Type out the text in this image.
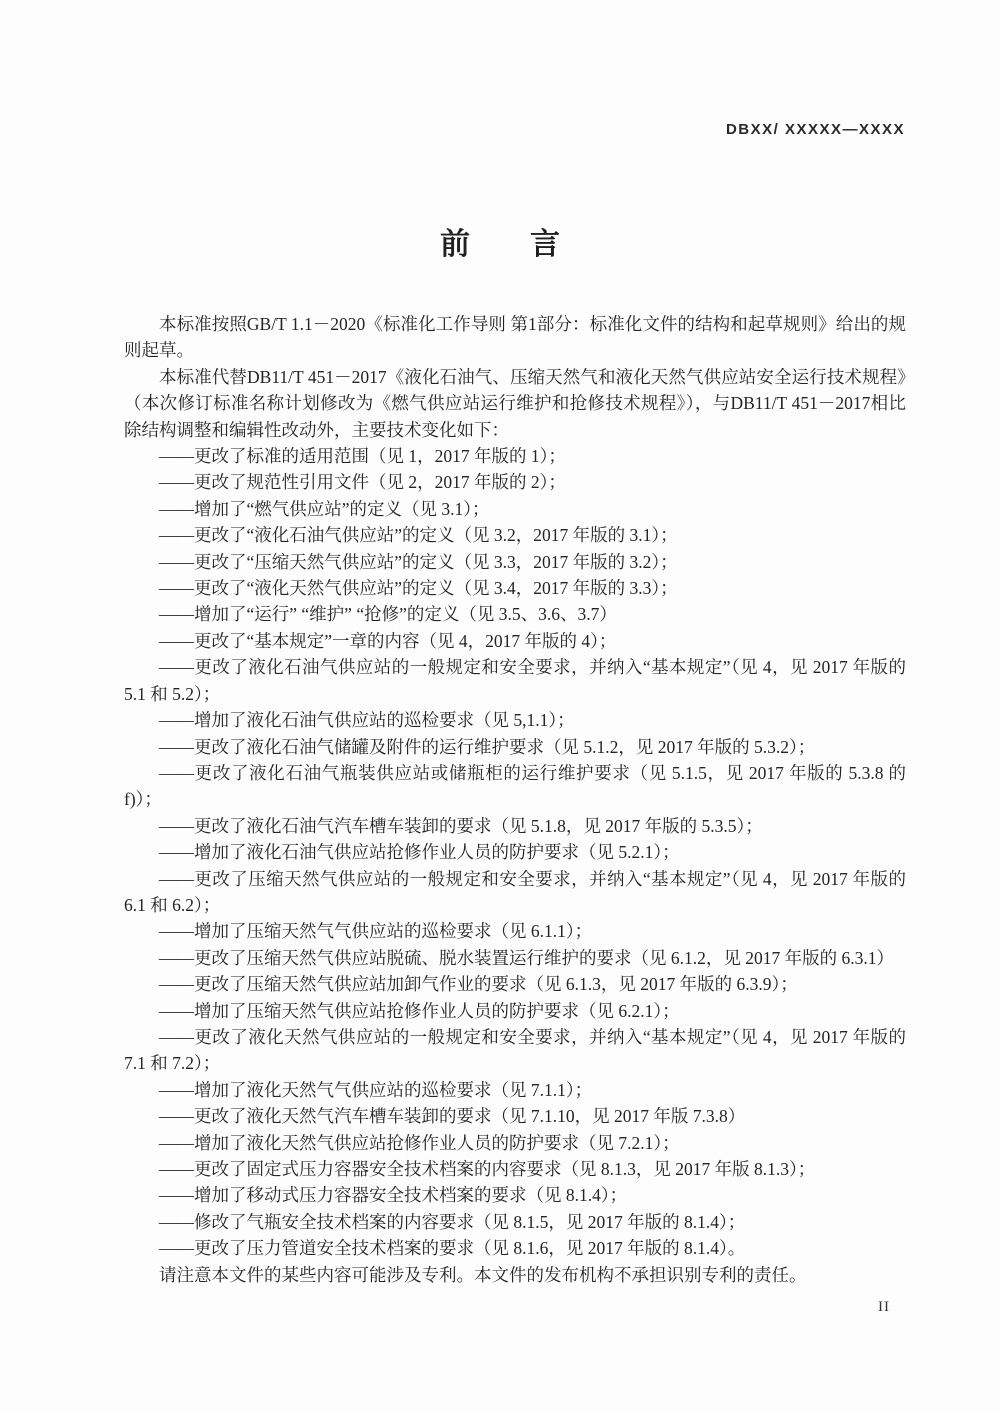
DBXX/ XXXXX—XXXX
前　　言

本标准按照GB/T 1.1－2020《标准化工作导则 第1部分：标准化文件的结构和起草规则》给出的规则起草。

本标准代替DB11/T 451－2017《液化石油气、压缩天然气和液化天然气供应站安全运行技术规程》（本次修订标准名称计划修改为《燃气供应站运行维护和抢修技术规程》），与DB11/T 451－2017相比除结构调整和编辑性改动外，主要技术变化如下：

——更改了标准的适用范围（见 1，2017 年版的 1）；

——更改了规范性引用文件（见 2，2017 年版的 2）；

——增加了“燃气供应站”的定义（见 3.1）；

——更改了“液化石油气供应站”的定义（见 3.2，2017 年版的 3.1）；

——更改了“压缩天然气供应站”的定义（见 3.3，2017 年版的 3.2）；

——更改了“液化天然气供应站”的定义（见 3.4，2017 年版的 3.3）；

——增加了“运行” “维护” “抢修”的定义（见 3.5、3.6、3.7）

——更改了“基本规定”一章的内容（见 4，2017 年版的 4）；

——更改了液化石油气供应站的一般规定和安全要求，并纳入“基本规定”（见 4，见 2017 年版的 5.1 和 5.2）；

——增加了液化石油气供应站的巡检要求（见 5,1.1）；

——更改了液化石油气储罐及附件的运行维护要求（见 5.1.2，见 2017 年版的 5.3.2）；

——更改了液化石油气瓶装供应站或储瓶柜的运行维护要求（见 5.1.5，见 2017 年版的 5.3.8 的 f)）；

——更改了液化石油气汽车槽车装卸的要求（见 5.1.8，见 2017 年版的 5.3.5）；

——增加了液化石油气供应站抢修作业人员的防护要求（见 5.2.1）；

——更改了压缩天然气供应站的一般规定和安全要求，并纳入“基本规定”（见 4，见 2017 年版的 6.1 和 6.2）；

——增加了压缩天然气气供应站的巡检要求（见 6.1.1）；

——更改了压缩天然气供应站脱硫、脱水装置运行维护的要求（见 6.1.2，见 2017 年版的 6.3.1）

——更改了压缩天然气供应站加卸气作业的要求（见 6.1.3，见 2017 年版的 6.3.9）；

——增加了压缩天然气供应站抢修作业人员的防护要求（见 6.2.1）；

——更改了液化天然气供应站的一般规定和安全要求，并纳入“基本规定”（见 4，见 2017 年版的 7.1 和 7.2）；

——增加了液化天然气气供应站的巡检要求（见 7.1.1）；

——更改了液化天然气汽车槽车装卸的要求（见 7.1.10，见 2017 年版 7.3.8）

——增加了液化天然气供应站抢修作业人员的防护要求（见 7.2.1）；

——更改了固定式压力容器安全技术档案的内容要求（见 8.1.3，见 2017 年版 8.1.3）；

——增加了移动式压力容器安全技术档案的要求（见 8.1.4）；

——修改了气瓶安全技术档案的内容要求（见 8.1.5，见 2017 年版的 8.1.4）；

——更改了压力管道安全技术档案的要求（见 8.1.6，见 2017 年版的 8.1.4）。

请注意本文件的某些内容可能涉及专利。本文件的发布机构不承担识别专利的责任。

II
